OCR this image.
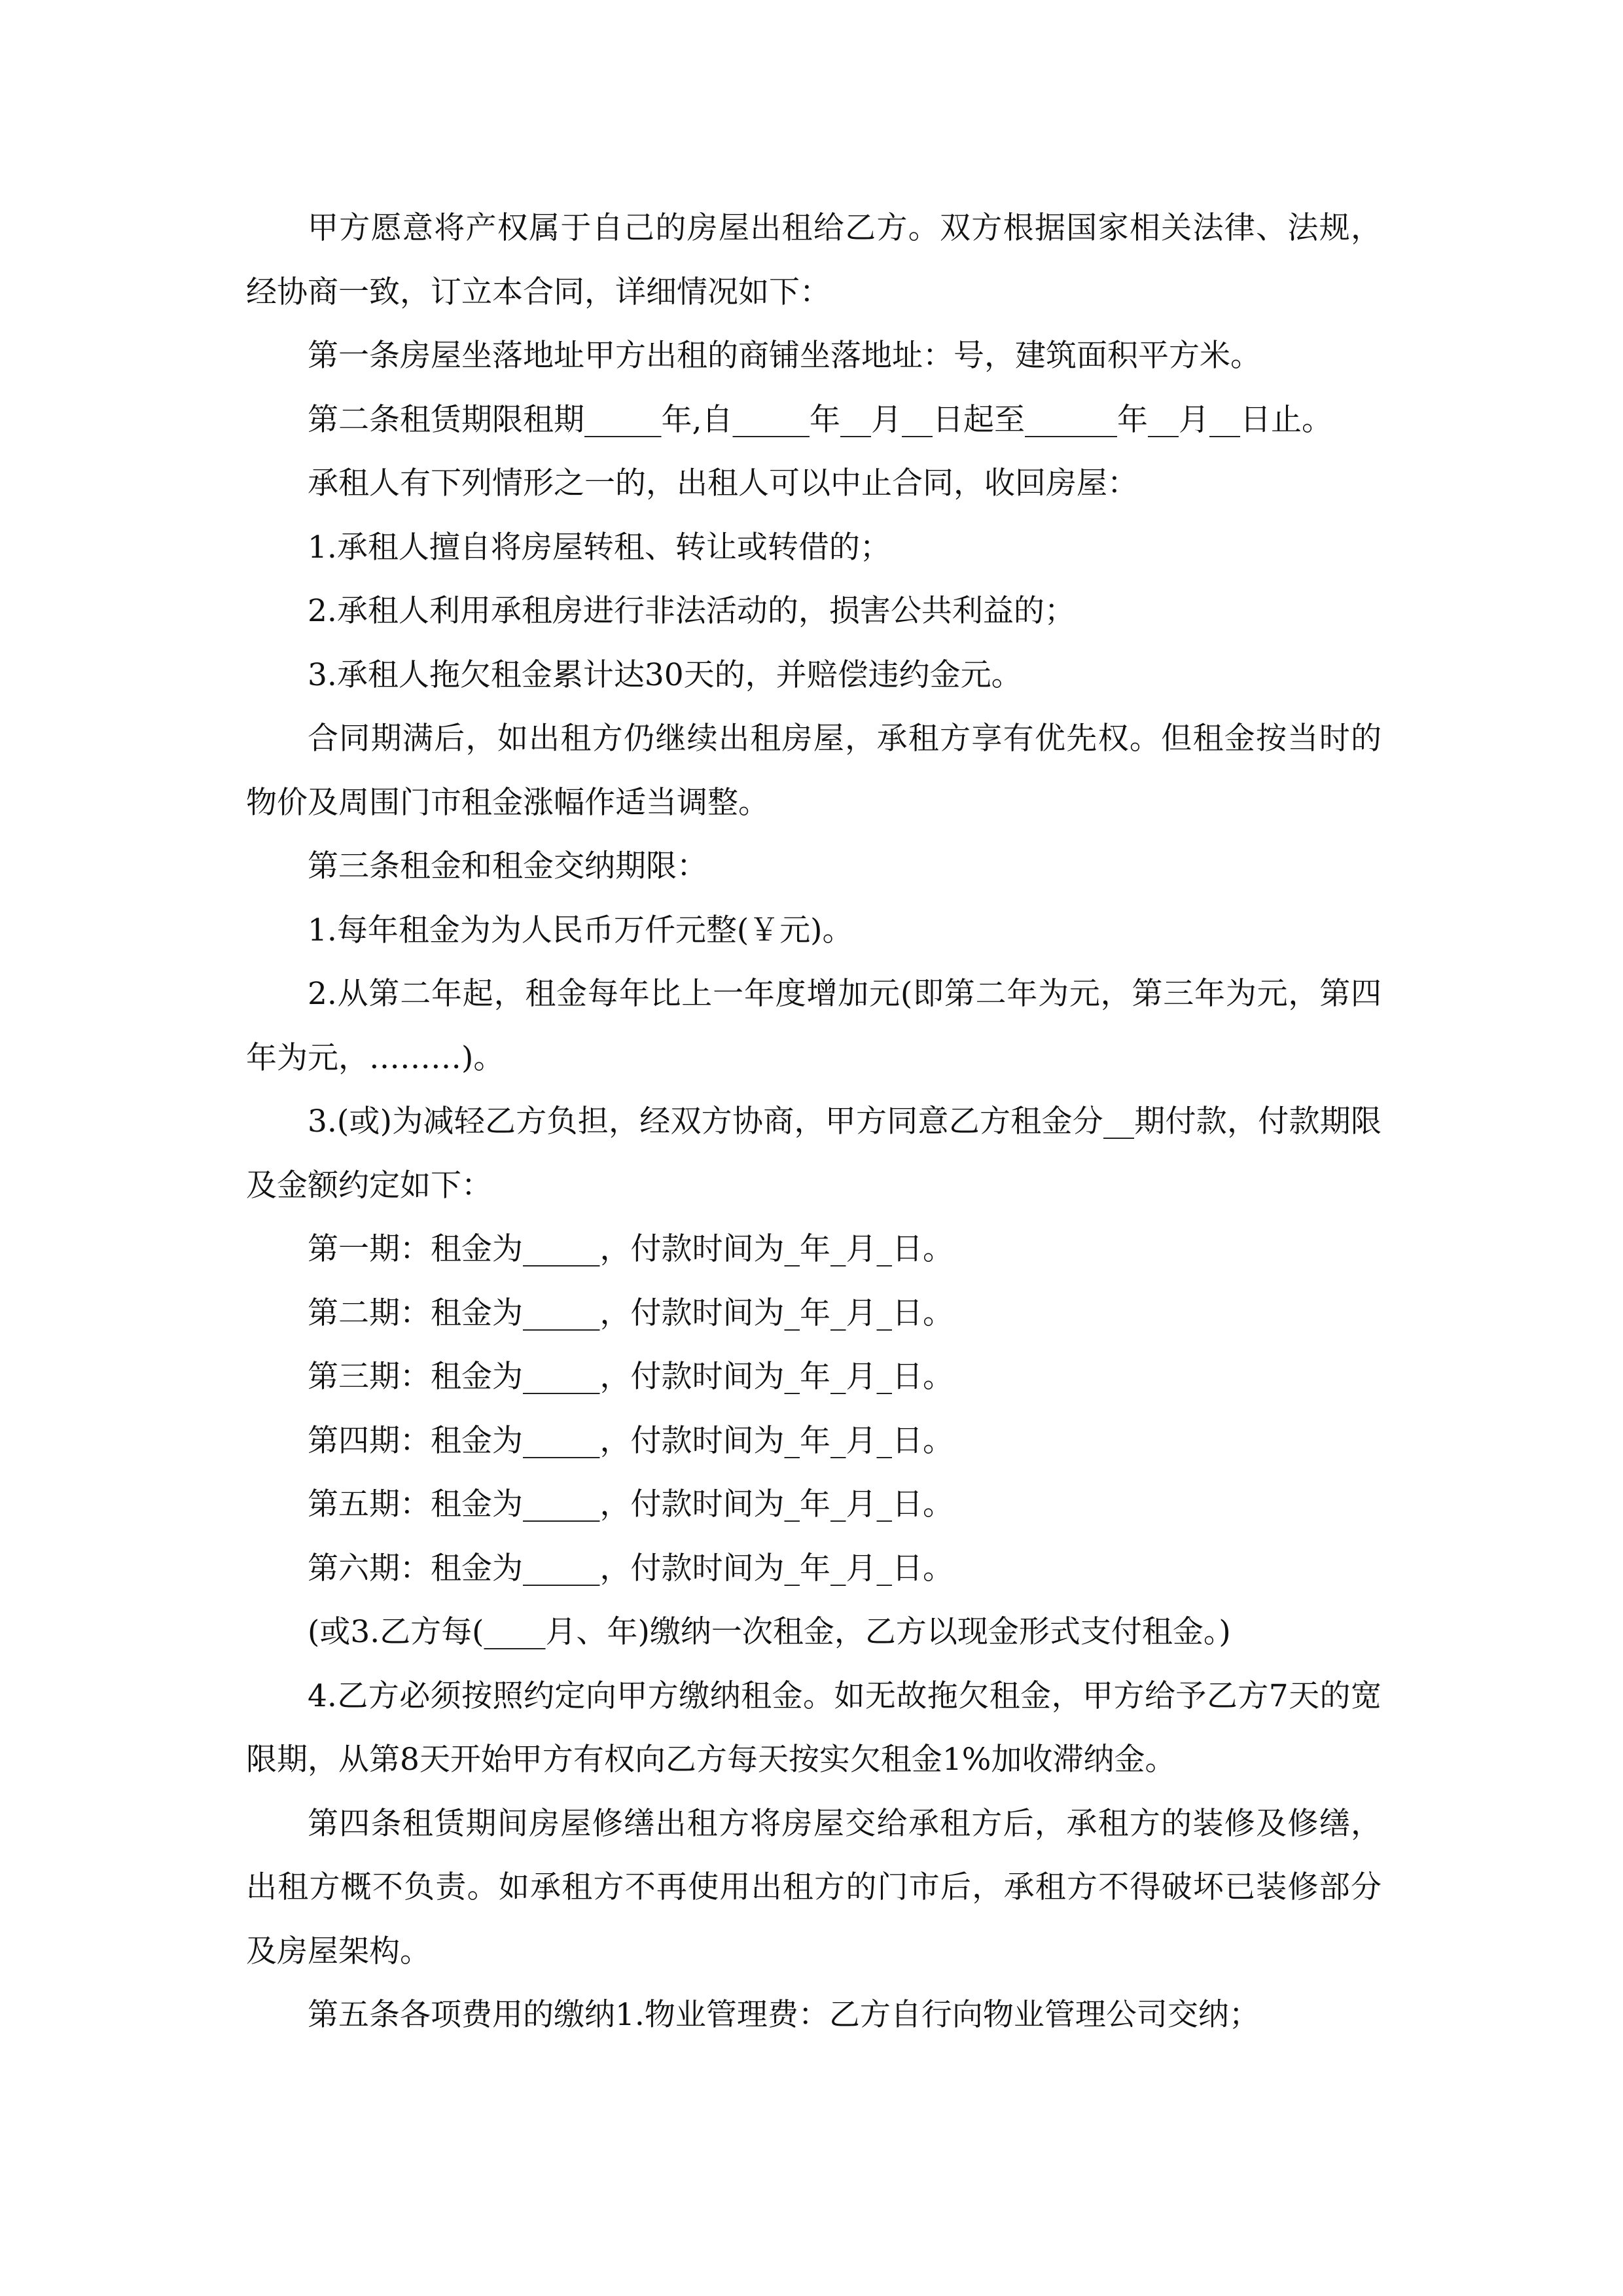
甲方愿意将产权属于自己的房屋出租给乙方。双方根据国家相关法律、法规，经协商一致，订立本合同，详细情况如下：

第一条房屋坐落地址甲方出租的商铺坐落地址：号，建筑面积平方米。

第二条租赁期限租期_____年,自_____年__月__日起至______年__月__日止。

承租人有下列情形之一的，出租人可以中止合同，收回房屋：

1.承租人擅自将房屋转租、转让或转借的；

2.承租人利用承租房进行非法活动的，损害公共利益的；

3.承租人拖欠租金累计达30天的，并赔偿违约金元。

合同期满后，如出租方仍继续出租房屋，承租方享有优先权。但租金按当时的物价及周围门市租金涨幅作适当调整。

第三条租金和租金交纳期限：

1.每年租金为为人民币万仟元整(￥元)。

2.从第二年起，租金每年比上一年度增加元(即第二年为元，第三年为元，第四年为元，………)。

3.(或)为减轻乙方负担，经双方协商，甲方同意乙方租金分__期付款，付款期限及金额约定如下：

第一期：租金为_____，付款时间为_年_月_日。

第二期：租金为_____，付款时间为_年_月_日。

第三期：租金为_____，付款时间为_年_月_日。

第四期：租金为_____，付款时间为_年_月_日。

第五期：租金为_____，付款时间为_年_月_日。

第六期：租金为_____，付款时间为_年_月_日。

(或3.乙方每(____月、年)缴纳一次租金，乙方以现金形式支付租金。)

4.乙方必须按照约定向甲方缴纳租金。如无故拖欠租金，甲方给予乙方7天的宽限期，从第8天开始甲方有权向乙方每天按实欠租金1%加收滞纳金。

第四条租赁期间房屋修缮出租方将房屋交给承租方后，承租方的装修及修缮，出租方概不负责。如承租方不再使用出租方的门市后，承租方不得破坏已装修部分及房屋架构。

第五条各项费用的缴纳1.物业管理费：乙方自行向物业管理公司交纳；
